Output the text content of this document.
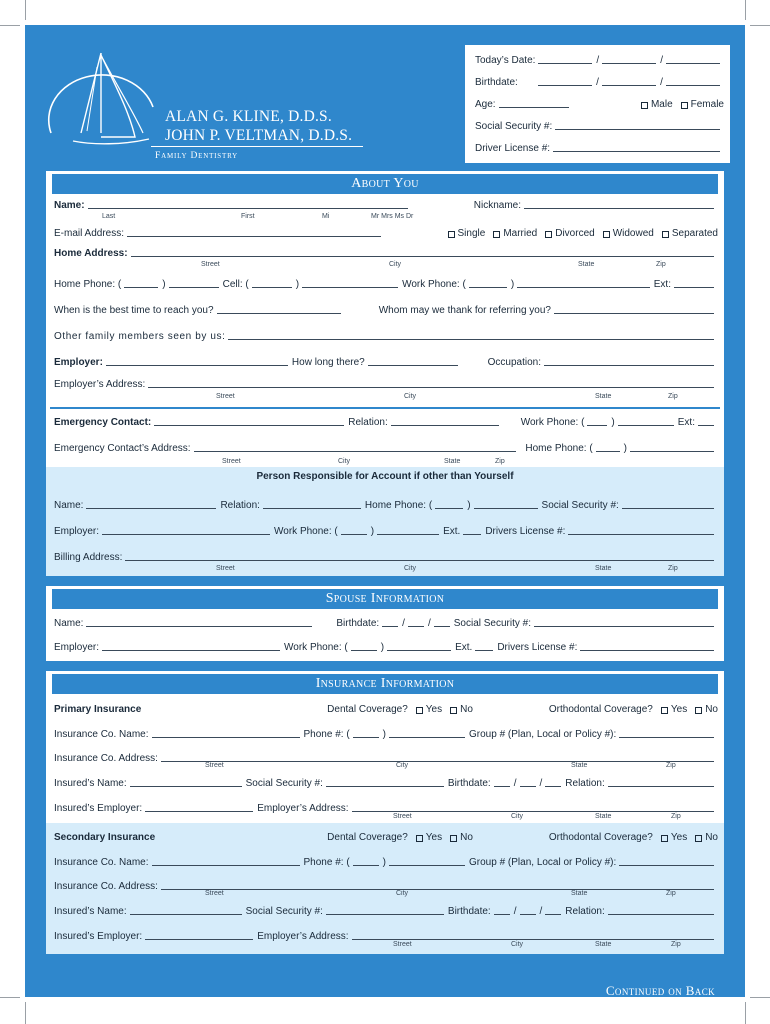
ALAN G. KLINE, D.D.S.
JOHN P. VELTMAN, D.D.S.
Family Dentistry
Today’s Date:	/	/
Birthdate:	/	/
Age:	Male Female
Social Security #:
Driver License #:
About You
Name:	Nickname:
Last	First	Mi	Mr Mrs Ms Dr
E-mail Address:	Single Married Divorced Widowed Separated
Home Address:
Street	City	State	Zip
Home Phone: (	)	Cell: (	)	Work Phone: (	)	Ext:
When is the best time to reach you?	Whom may we thank for referring you?
Other family members seen by us:
Employer:	How long there?	Occupation:
Employer’s Address:
Street	City	State	Zip
Emergency Contact:	Relation:	Work Phone: (	)	Ext:
Emergency Contact’s Address:	Home Phone: (	)
Street	City	State	Zip
Person Responsible for Account if other than Yourself
Name:	Relation:	Home Phone: (	)	Social Security #:
Employer:	Work Phone: (	)	Ext.	Drivers License #:
Billing Address:
Street	City	State	Zip
Spouse Information
Name:	Birthdate: / / Social Security #:
Employer:	Work Phone: (	)	Ext.	Drivers License #:
Insurance Information
Primary Insurance	Dental Coverage? Yes No	Orthodontal Coverage? Yes No
Insurance Co. Name:	Phone #: (	)	Group # (Plan, Local or Policy #):
Insurance Co. Address:
Street	City	State	Zip
Insured’s Name:	Social Security #:	Birthdate: / / Relation:
Insured’s Employer:	Employer’s Address:
Street	City	State	Zip
Secondary Insurance	Dental Coverage? Yes No	Orthodontal Coverage? Yes No
Insurance Co. Name:	Phone #: (	)	Group # (Plan, Local or Policy #):
Insurance Co. Address:
Street	City	State	Zip
Insured’s Name:	Social Security #:	Birthdate: / / Relation:
Insured’s Employer:	Employer’s Address:
Street	City	State	Zip
Continued on Back
